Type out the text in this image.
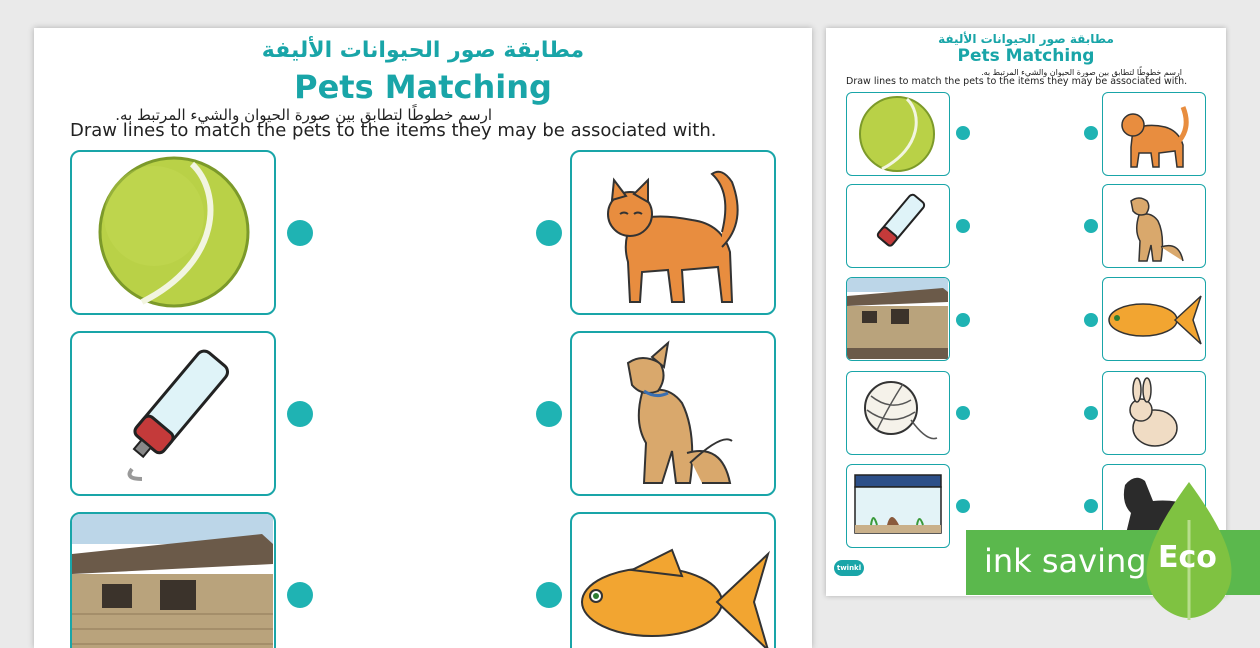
مطابقة صور الحيوانات الأليفة
Pets Matching
ارسم خطوطًا لتطابق بين صورة الحيوان والشيء المرتبط به.
Draw lines to match the pets to the items they may be associated with.
مطابقة صور الحيوانات الأليفة
Pets Matching
ارسم خطوطًا لتطابق بين صورة الحيوان والشيء المرتبط به.
Draw lines to match the pets to the items they may be associated with.
twinkl	ink saving Eco
